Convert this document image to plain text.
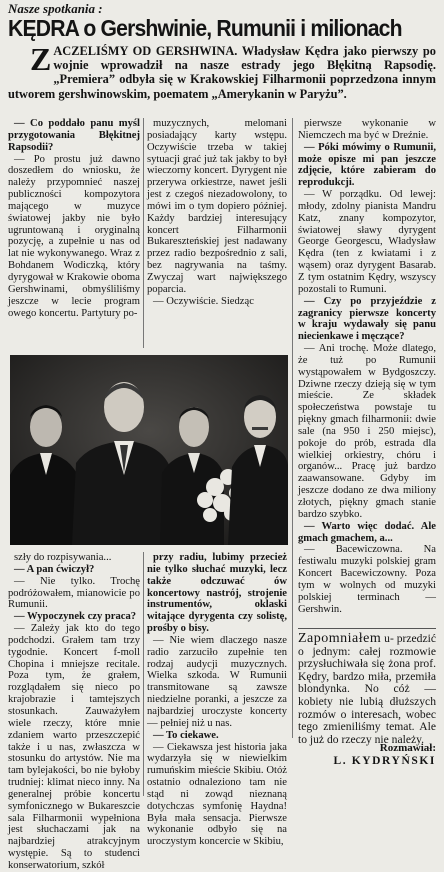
Nasze spotkania :
KĘDRA o Gershwinie, Rumunii i milionach
Z ACZELIŚMY OD GERSHWINA. Władysław Kędra jako pierwszy po wojnie wprowadził na nasze estrady jego Błękitną Rapsodię. „Premiera” odbyła się w Krakowskiej Filharmonii poprzedzona innym utworem gershwinowskim, poematem „Amerykanin w Paryżu”.

— Co poddało panu myśl przygotowania Błękitnej Rapsodii?

— Po prostu już dawno doszedłem do wniosku, że należy przypomnieć naszej publiczności kompozytora mającego w muzyce światowej jakby nie było ugruntowaną i oryginalną pozycję, a zupełnie u nas od lat nie wykonywanego. Wraz z Bohdanem Wodiczką, który dyrygował w Krakowie oboma Gershwinami, obmyśliliśmy jeszcze w lecie program owego koncertu. Partytury po-

muzycznych, melomani posiadający karty wstępu. Oczywiście trzeba w takiej sytuacji grać już tak jakby to był wieczorny koncert. Dyrygent nie przerywa orkiestrze, nawet jeśli jest z czegoś niezadowolony, to mówi im o tym dopiero później. Każdy bardziej interesujący koncert Filharmonii Bukareszteńskiej jest nadawany przez radio bezpośrednio z sali, bez nagrywania na taśmy. Zwyczaj wart największego poparcia.

— Oczywiście. Siedząc

pierwsze wykonanie w Niemczech ma być w Dreźnie.

— Póki mówimy o Rumunii, może opisze mi pan jeszcze zdjęcie, które zabieram do reprodukcji.

— W porządku. Od lewej: młody, zdolny pianista Mandru Katz, znany kompozytor, światowej sławy dyrygent George Georgescu, Władysław Kędra (ten z kwiatami i z wąsem) oraz dyrygent Basarab. Z tym ostatnim Kędry, wszyscy pozostali to Rumuni.

— Czy po przyjeździe z zagranicy pierwsze koncerty w kraju wydawały się panu niecienkawe i męczące?

— Ani trochę. Może dlatego, że tuż po Rumunii wystąpowałem w Bydgoszczy. Dziwne rzeczy dzieją się w tym mieście. Ze składek społeczeństwa powstaje tu piękny gmach filharmonii: dwie sale (na 950 i 250 miejsc), pokoje do prób, estrada dla wielkiej orkiestry, chóru i organów... Pracę już bardzo zaawansowane. Gdyby im jeszcze dodano ze dwa miliony złotych, piękny gmach stanie bardzo szybko.

— Warto więc dodać. Ale gmach gmachem, a...

— Bacewiczowna. Na festiwalu muzyki polskiej gram Koncert Bacewiczowny. Poza tym w wolnych od muzyki polskiej terminach — Gershwin.

szły do rozpisywania...

— A pan ćwiczył?

— Nie tylko. Trochę podróżowałem, mianowicie po Rumunii.

— Wypoczynek czy praca?

— Zależy jak kto do tego podchodzi. Grałem tam trzy tygodnie. Koncert f-moll Chopina i mniejsze recitale. Poza tym, że grałem, rozglądałem się nieco po krajobrazie i tamtejszych stosunkach. Zauważyłem wiele rzeczy, które mnie zdaniem warto przeszczepić także i u nas, zwłaszcza w stosunku do artystów. Nie ma tam bylejakości, bo nie byłoby trudniej: klimat nieco inny. Na generalnej próbie koncertu symfonicznego w Bukareszcie sala Filharmonii wypełniona jest słuchaczami jak na najbardziej atrakcyjnym występie. Są to studenci konserwatorium, szkół

przy radiu, lubimy przecież nie tylko słuchać muzyki, lecz także odczuwać ów koncertowy nastrój, strojenie instrumentów, oklaski witające dyrygenta czy solistę, prośby o bisy.

— Nie wiem dlaczego nasze radio zarzuciło zupełnie ten rodzaj audycji muzycznych. Wielka szkoda. W Rumunii transmitowane są zawsze niedzielne poranki, a jeszcze za najbardziej uroczyste koncerty — pełniej niż u nas.

— To ciekawe.

— Ciekawsza jest historia jaka wydarzyła się w niewielkim rumuńskim mieście Skibiu. Otóż ostatnio odnaleziono tam nie stąd ni zowąd nieznaną dotychczas symfonię Haydna! Była mała sensacja. Pierwsze wykonanie odbyło się na uroczystym koncercie w Skibiu,

Zapomniałem u- przedzić o jednym: całej rozmowie przysłuchiwała się żona prof. Kędry, bardzo miła, przemiła blondynka. No cóż — kobiety nie lubią dłuższych rozmów o interesach, wobec tego zmieniliśmy temat. Ale to już do rzeczy nie należy.
Rozmawiał:
L. KYDRYŃSKI
